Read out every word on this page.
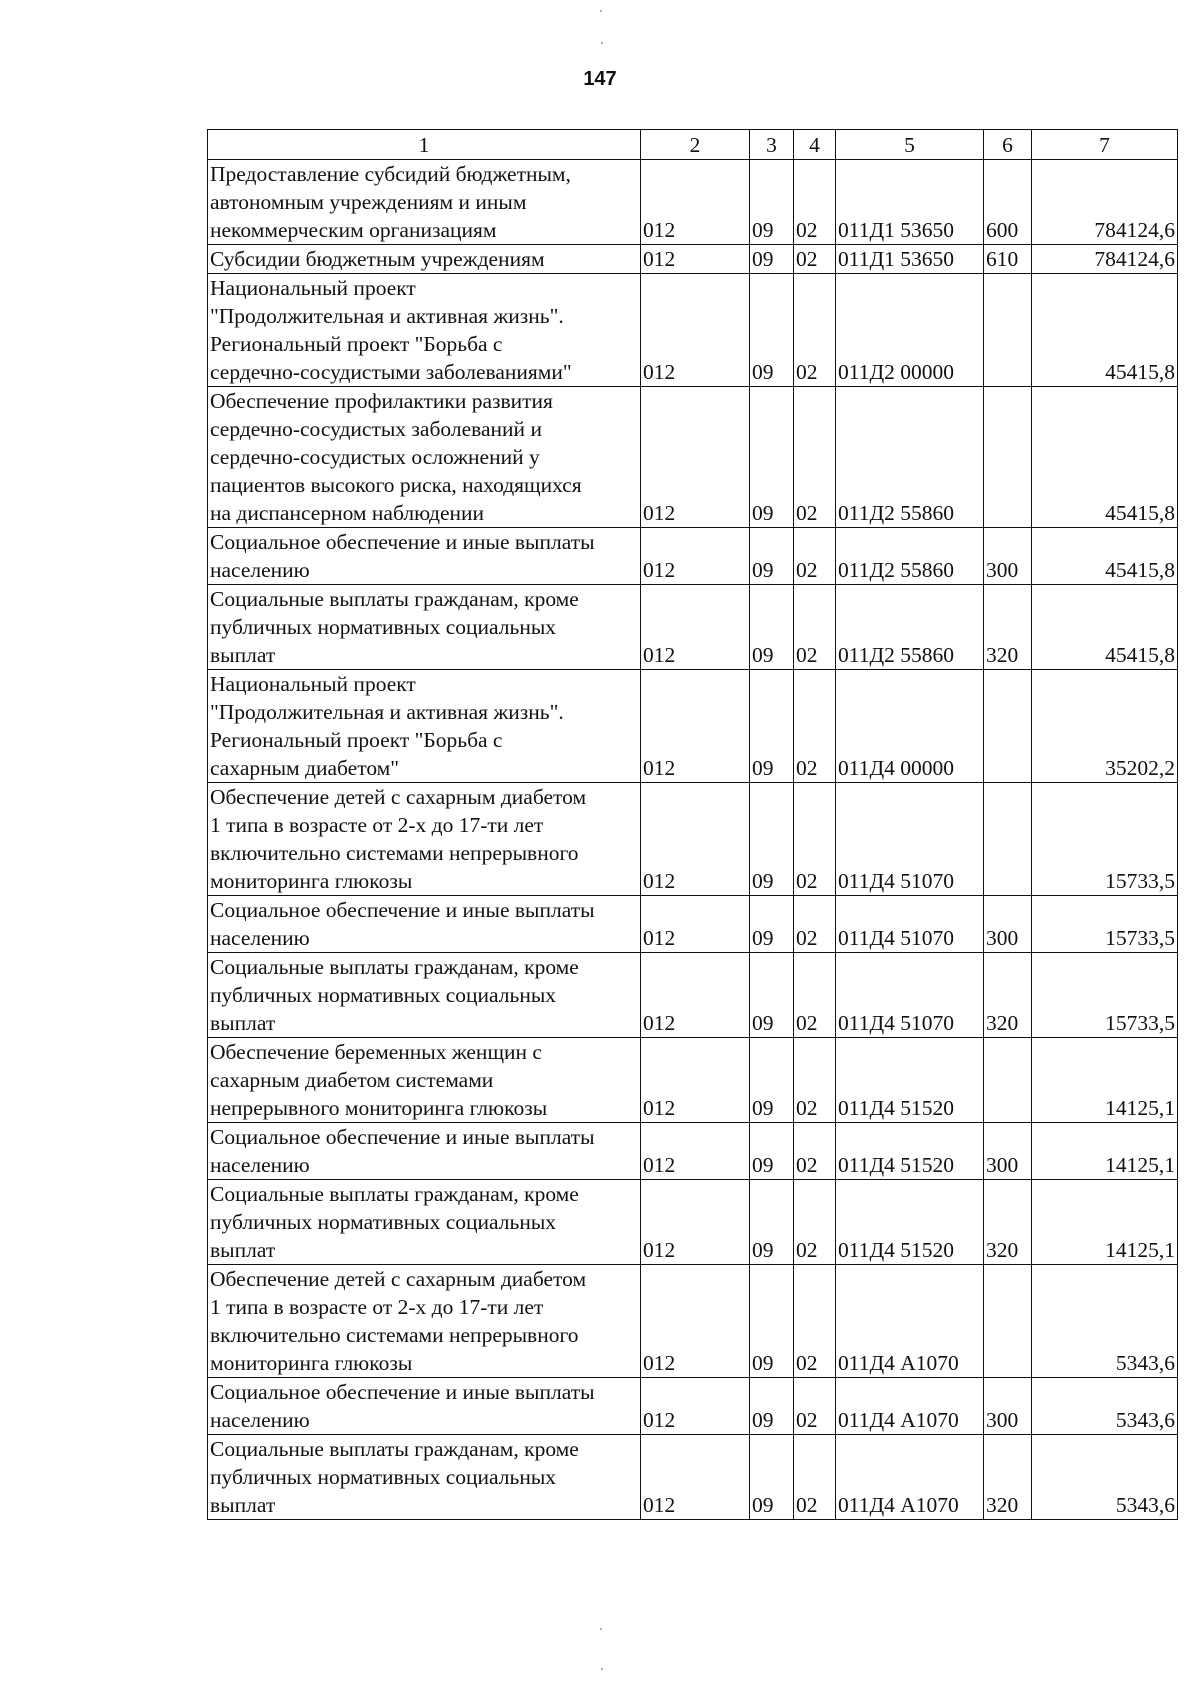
147
1	2	3	4	5	6	7
Предоставление субсидий бюджетным,
автономным учреждениям и иным
некоммерческим организациям	012	09	02	011Д1 53650	600	784124,6
Субсидии бюджетным учреждениям	012	09	02	011Д1 53650	610	784124,6
Национальный проект
"Продолжительная и активная жизнь".
Региональный проект "Борьба с
сердечно-сосудистыми заболеваниями"	012	09	02	011Д2 00000		45415,8
Обеспечение профилактики развития
сердечно-сосудистых заболеваний и
сердечно-сосудистых осложнений у
пациентов высокого риска, находящихся
на диспансерном наблюдении	012	09	02	011Д2 55860		45415,8
Социальное обеспечение и иные выплаты
населению	012	09	02	011Д2 55860	300	45415,8
Социальные выплаты гражданам, кроме
публичных нормативных социальных
выплат	012	09	02	011Д2 55860	320	45415,8
Национальный проект
"Продолжительная и активная жизнь".
Региональный проект "Борьба с
сахарным диабетом"	012	09	02	011Д4 00000		35202,2
Обеспечение детей с сахарным диабетом
1 типа в возрасте от 2-х до 17-ти лет
включительно системами непрерывного
мониторинга глюкозы	012	09	02	011Д4 51070		15733,5
Социальное обеспечение и иные выплаты
населению	012	09	02	011Д4 51070	300	15733,5
Социальные выплаты гражданам, кроме
публичных нормативных социальных
выплат	012	09	02	011Д4 51070	320	15733,5
Обеспечение беременных женщин с
сахарным диабетом системами
непрерывного мониторинга глюкозы	012	09	02	011Д4 51520		14125,1
Социальное обеспечение и иные выплаты
населению	012	09	02	011Д4 51520	300	14125,1
Социальные выплаты гражданам, кроме
публичных нормативных социальных
выплат	012	09	02	011Д4 51520	320	14125,1
Обеспечение детей с сахарным диабетом
1 типа в возрасте от 2-х до 17-ти лет
включительно системами непрерывного
мониторинга глюкозы	012	09	02	011Д4 А1070		5343,6
Социальное обеспечение и иные выплаты
населению	012	09	02	011Д4 А1070	300	5343,6
Социальные выплаты гражданам, кроме
публичных нормативных социальных
выплат	012	09	02	011Д4 А1070	320	5343,6
